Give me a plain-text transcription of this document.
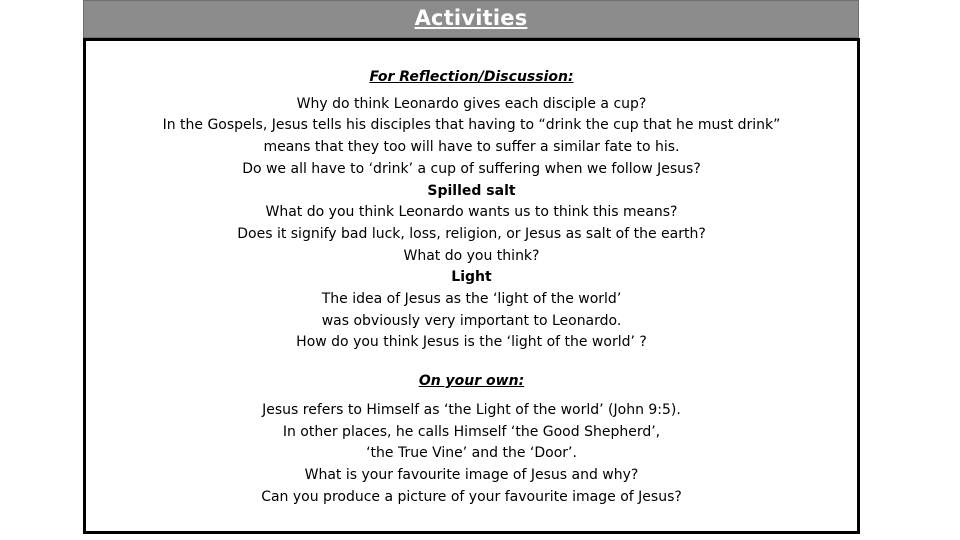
Activities
For Reflection/Discussion:
Why do think Leonardo gives each disciple a cup?
In the Gospels, Jesus tells his disciples that having to “drink the cup that he must drink”
means that they too will have to suffer a similar fate to his.
Do we all have to ‘drink’ a cup of suffering when we follow Jesus?
Spilled salt
What do you think Leonardo wants us to think this means?
Does it signify bad luck, loss, religion, or Jesus as salt of the earth?
What do you think?
Light
The idea of Jesus as the ‘light of the world’
was obviously very important to Leonardo.
How do you think Jesus is the ‘light of the world’ ?
On your own:
Jesus refers to Himself as ‘the Light of the world’ (John 9:5).
In other places, he calls Himself ‘the Good Shepherd’,
‘the True Vine’ and the ‘Door’.
What is your favourite image of Jesus and why?
Can you produce a picture of your favourite image of Jesus?
